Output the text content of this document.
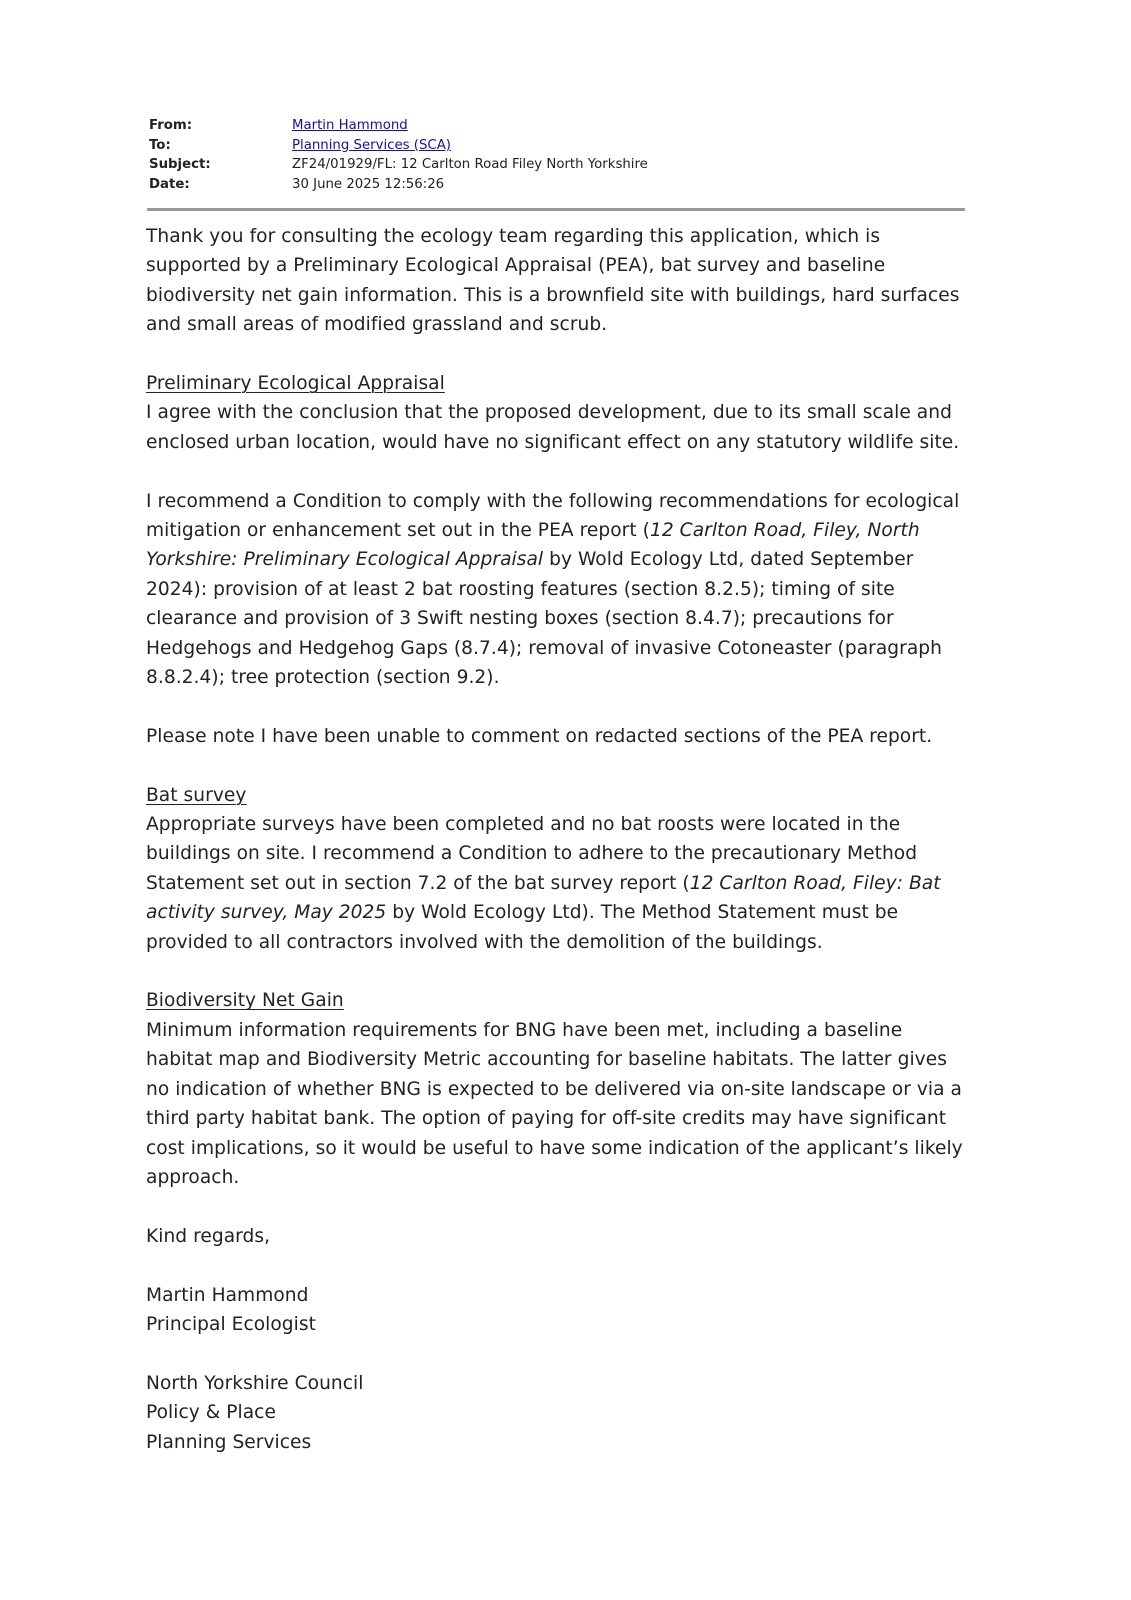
From:	Martin Hammond
To:	Planning Services (SCA)
Subject:	ZF24/01929/FL: 12 Carlton Road Filey North Yorkshire
Date:	30 June 2025 12:56:26

Thank you for consulting the ecology team regarding this application, which is supported by a Preliminary Ecological Appraisal (PEA), bat survey and baseline biodiversity net gain information. This is a brownfield site with buildings, hard surfaces and small areas of modified grassland and scrub.

Preliminary Ecological Appraisal

I agree with the conclusion that the proposed development, due to its small scale and enclosed urban location, would have no significant effect on any statutory wildlife site.

I recommend a Condition to comply with the following recommendations for ecological mitigation or enhancement set out in the PEA report (12 Carlton Road, Filey, North Yorkshire: Preliminary Ecological Appraisal by Wold Ecology Ltd, dated September 2024): provision of at least 2 bat roosting features (section 8.2.5); timing of site clearance and provision of 3 Swift nesting boxes (section 8.4.7); precautions for Hedgehogs and Hedgehog Gaps (8.7.4); removal of invasive Cotoneaster (paragraph 8.8.2.4); tree protection (section 9.2).

Please note I have been unable to comment on redacted sections of the PEA report.

Bat survey

Appropriate surveys have been completed and no bat roosts were located in the buildings on site. I recommend a Condition to adhere to the precautionary Method Statement set out in section 7.2 of the bat survey report (12 Carlton Road, Filey: Bat activity survey, May 2025 by Wold Ecology Ltd). The Method Statement must be provided to all contractors involved with the demolition of the buildings.

Biodiversity Net Gain

Minimum information requirements for BNG have been met, including a baseline habitat map and Biodiversity Metric accounting for baseline habitats. The latter gives no indication of whether BNG is expected to be delivered via on-site landscape or via a third party habitat bank. The option of paying for off-site credits may have significant cost implications, so it would be useful to have some indication of the applicant’s likely approach.

Kind regards,

Martin Hammond
Principal Ecologist
North Yorkshire Council
Policy & Place
Planning Services
